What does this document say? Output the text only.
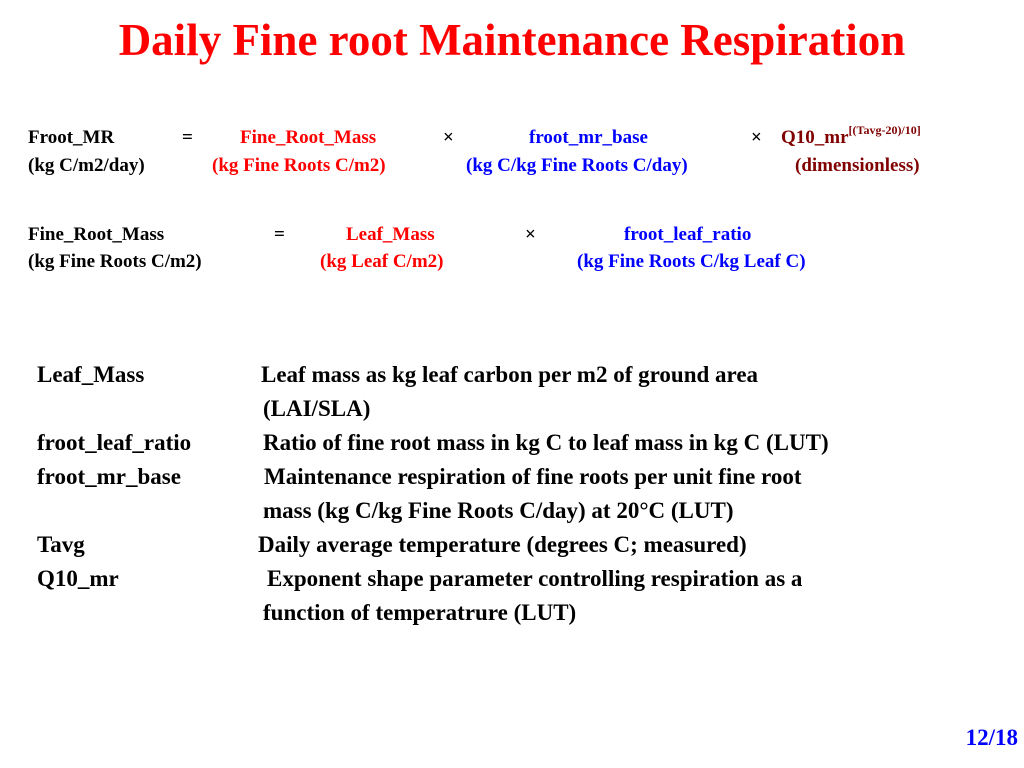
Daily Fine root Maintenance Respiration
Froot_MR	= Fine_Root_Mass	×	froot_mr_base	× Q10_mr[(Tavg-20)/10]
(kg C/m2/day)	(kg Fine Roots C/m2)	(kg C/kg Fine Roots C/day)	(dimensionless)
Fine_Root_Mass	=	Leaf_Mass	×	froot_leaf_ratio
(kg Fine Roots C/m2)	(kg Leaf C/m2)	(kg Fine Roots C/kg Leaf C)
Leaf_Mass	Leaf mass as kg leaf carbon per m2 of ground area
(LAI/SLA)
froot_leaf_ratio	Ratio of fine root mass in kg C to leaf mass in kg C (LUT)
froot_mr_base	Maintenance respiration of fine roots per unit fine root
mass (kg C/kg Fine Roots C/day) at 20°C (LUT)
Tavg	Daily average temperature (degrees C; measured)
Q10_mr	Exponent shape parameter controlling respiration as a
function of temperatrure (LUT)
12/18
